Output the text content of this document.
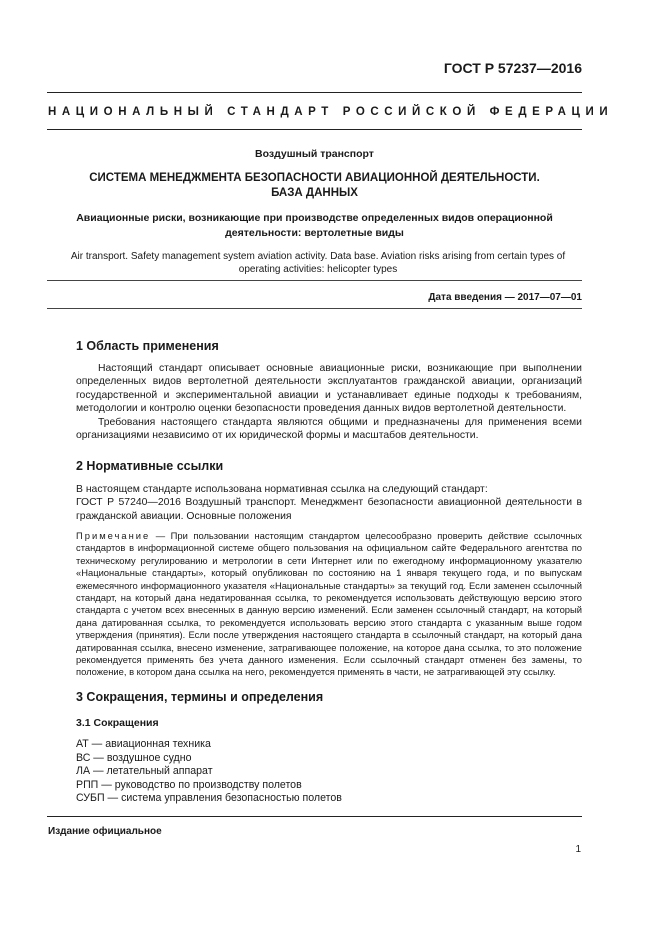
ГОСТ Р 57237—2016
НАЦИОНАЛЬНЫЙ СТАНДАРТ РОССИЙСКОЙ ФЕДЕРАЦИИ
Воздушный транспорт
СИСТЕМА МЕНЕДЖМЕНТА БЕЗОПАСНОСТИ АВИАЦИОННОЙ ДЕЯТЕЛЬНОСТИ.
БАЗА ДАННЫХ
Авиационные риски, возникающие при производстве определенных видов операционной
деятельности: вертолетные виды
Air transport. Safety management system aviation activity. Data base. Aviation risks arising from certain types of
operating activities: helicopter types
Дата введения — 2017—07—01
1 Область применения

Настоящий стандарт описывает основные авиационные риски, возникающие при выполнении определенных видов вертолетной деятельности эксплуатантов гражданской авиации, организаций государственной и экспериментальной авиации и устанавливает единые подходы к требованиям, методологии и контролю оценки безопасности проведения данных видов вертолетной деятельности.

Требования настоящего стандарта являются общими и предназначены для применения всеми организациями независимо от их юридической формы и масштабов деятельности.

2 Нормативные ссылки

В настоящем стандарте использована нормативная ссылка на следующий стандарт:

ГОСТ Р 57240—2016 Воздушный транспорт. Менеджмент безопасности авиационной деятельности в гражданской авиации. Основные положения

Примечание — При пользовании настоящим стандартом целесообразно проверить действие ссылочных стандартов в информационной системе общего пользования на официальном сайте Федерального агентства по техническому регулированию и метрологии в сети Интернет или по ежегодному информационному указателю «Национальные стандарты», который опубликован по состоянию на 1 января текущего года, и по выпускам ежемесячного информационного указателя «Национальные стандарты» за текущий год. Если заменен ссылочный стандарт, на который дана недатированная ссылка, то рекомендуется использовать действующую версию этого стандарта с учетом всех внесенных в данную версию изменений. Если заменен ссылочный стандарт, на который дана датированная ссылка, то рекомендуется использовать версию этого стандарта с указанным выше годом утверждения (принятия). Если после утверждения настоящего стандарта в ссылочный стандарт, на который дана датированная ссылка, внесено изменение, затрагивающее положение, на которое дана ссылка, то это положение рекомендуется применять без учета данного изменения. Если ссылочный стандарт отменен без замены, то положение, в котором дана ссылка на него, рекомендуется применять в части, не затрагивающей эту ссылку.
3 Сокращения, термины и определения
3.1 Сокращения
АТ — авиационная техника
ВС — воздушное судно
ЛА — летательный аппарат
РПП — руководство по производству полетов
СУБП — система управления безопасностью полетов
Издание официальное
1
